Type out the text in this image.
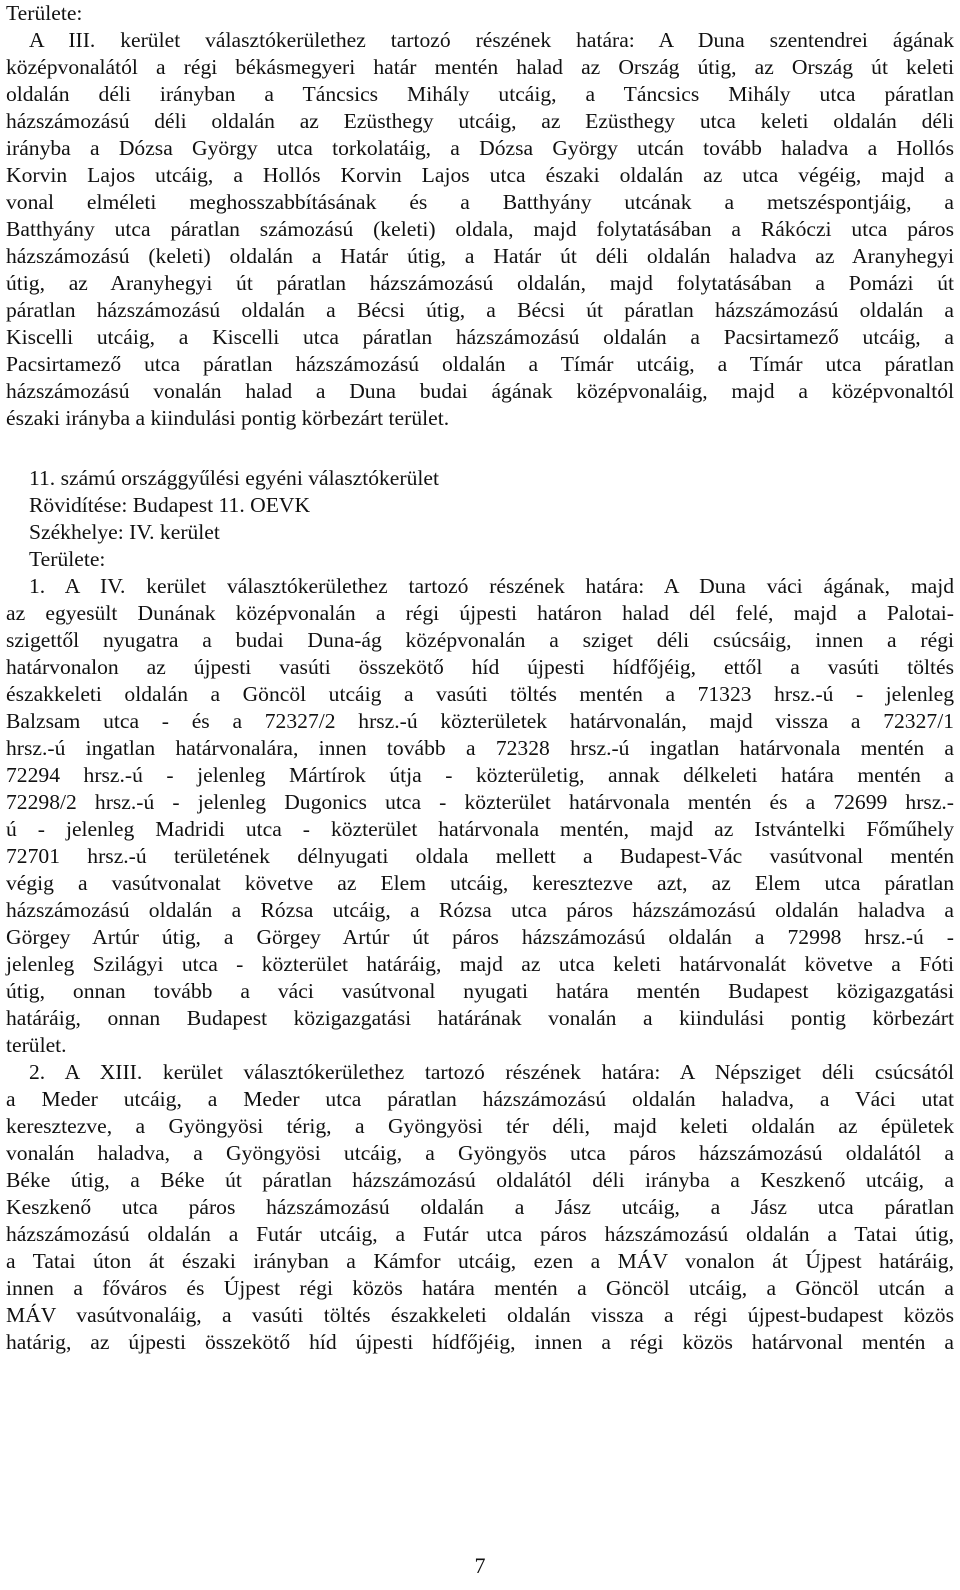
Területe:
A III. kerület választókerülethez tartozó részének határa: A Duna szentendrei ágának
középvonalától a régi békásmegyeri határ mentén halad az Ország útig, az Ország út keleti
oldalán déli irányban a Táncsics Mihály utcáig, a Táncsics Mihály utca páratlan
házszámozású déli oldalán az Ezüsthegy utcáig, az Ezüsthegy utca keleti oldalán déli
irányba a Dózsa György utca torkolatáig, a Dózsa György utcán tovább haladva a Hollós
Korvin Lajos utcáig, a Hollós Korvin Lajos utca északi oldalán az utca végéig, majd a
vonal elméleti meghosszabbításának és a Batthyány utcának a metszéspontjáig, a
Batthyány utca páratlan számozású (keleti) oldala, majd folytatásában a Rákóczi utca páros
házszámozású (keleti) oldalán a Határ útig, a Határ út déli oldalán haladva az Aranyhegyi
útig, az Aranyhegyi út páratlan házszámozású oldalán, majd folytatásában a Pomázi út
páratlan házszámozású oldalán a Bécsi útig, a Bécsi út páratlan házszámozású oldalán a
Kiscelli utcáig, a Kiscelli utca páratlan házszámozású oldalán a Pacsirtamező utcáig, a
Pacsirtamező utca páratlan házszámozású oldalán a Tímár utcáig, a Tímár utca páratlan
házszámozású vonalán halad a Duna budai ágának középvonaláig, majd a középvonaltól
északi irányba a kiindulási pontig körbezárt terület.
11. számú országgyűlési egyéni választókerület
Rövidítése: Budapest 11. OEVK
Székhelye: IV. kerület
Területe:
1. A IV. kerület választókerülethez tartozó részének határa: A Duna váci ágának, majd
az egyesült Dunának középvonalán a régi újpesti határon halad dél felé, majd a Palotai-
szigettől nyugatra a budai Duna-ág középvonalán a sziget déli csúcsáig, innen a régi
határvonalon az újpesti vasúti összekötő híd újpesti hídfőjéig, ettől a vasúti töltés
északkeleti oldalán a Göncöl utcáig a vasúti töltés mentén a 71323 hrsz.-ú - jelenleg
Balzsam utca - és a 72327/2 hrsz.-ú közterületek határvonalán, majd vissza a 72327/1
hrsz.-ú ingatlan határvonalára, innen tovább a 72328 hrsz.-ú ingatlan határvonala mentén a
72294 hrsz.-ú - jelenleg Mártírok útja - közterületig, annak délkeleti határa mentén a
72298/2 hrsz.-ú - jelenleg Dugonics utca - közterület határvonala mentén és a 72699 hrsz.-
ú - jelenleg Madridi utca - közterület határvonala mentén, majd az Istvántelki Főműhely
72701 hrsz.-ú területének délnyugati oldala mellett a Budapest-Vác vasútvonal mentén
végig a vasútvonalat követve az Elem utcáig, keresztezve azt, az Elem utca páratlan
házszámozású oldalán a Rózsa utcáig, a Rózsa utca páros házszámozású oldalán haladva a
Görgey Artúr útig, a Görgey Artúr út páros házszámozású oldalán a 72998 hrsz.-ú -
jelenleg Szilágyi utca - közterület határáig, majd az utca keleti határvonalát követve a Fóti
útig, onnan tovább a váci vasútvonal nyugati határa mentén Budapest közigazgatási
határáig, onnan Budapest közigazgatási határának vonalán a kiindulási pontig körbezárt
terület.
2. A XIII. kerület választókerülethez tartozó részének határa: A Népsziget déli csúcsától
a Meder utcáig, a Meder utca páratlan házszámozású oldalán haladva, a Váci utat
keresztezve, a Gyöngyösi térig, a Gyöngyösi tér déli, majd keleti oldalán az épületek
vonalán haladva, a Gyöngyösi utcáig, a Gyöngyös utca páros házszámozású oldalától a
Béke útig, a Béke út páratlan házszámozású oldalától déli irányba a Keszkenő utcáig, a
Keszkenő utca páros házszámozású oldalán a Jász utcáig, a Jász utca páratlan
házszámozású oldalán a Futár utcáig, a Futár utca páros házszámozású oldalán a Tatai útig,
a Tatai úton át északi irányban a Kámfor utcáig, ezen a MÁV vonalon át Újpest határáig,
innen a főváros és Újpest régi közös határa mentén a Göncöl utcáig, a Göncöl utcán a
MÁV vasútvonaláig, a vasúti töltés északkeleti oldalán vissza a régi újpest-budapest közös
határig, az újpesti összekötő híd újpesti hídfőjéig, innen a régi közös határvonal mentén a
7
